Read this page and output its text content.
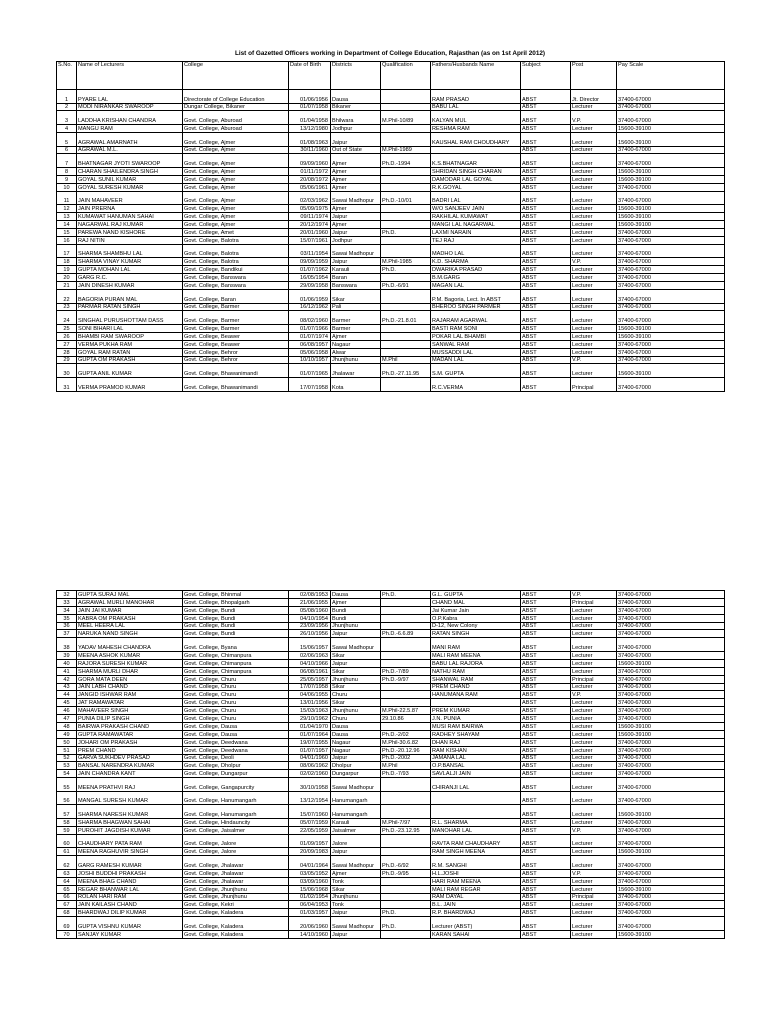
List of Gazetted Officers working in Department of College Education, Rajasthan (as on 1st April 2012)
S.No.	Name of Lecturers	College	Date of Birth	Districts	Qualification	Fathers/Husbands Name	Subject	Post	Pay Scale
1	PYARE LAL	Directorate of College Education	01/06/1956	Dausa		RAM PRASAD	ABST	Jt. Director	37400-67000
2	MODI NIRANKAR SWAROOP	Dungar College, Bikaner	01/07/1958	Bikaner		BABU LAL	ABST	Lecturer	37400-67000
3	LADDHA KRISHAN CHANDRA	Govt. College, Aburoad	01/04/1958	Bhilwara	M.Phil-10/89	KALYAN MUL	ABST	V.P.	37400-67000
4	MANGU RAM	Govt. College, Aburoad	13/12/1980	Jodhpur		RESHMA RAM	ABST	Lecturer	15600-39100
5	AGRAWAL AMARNATH	Govt. College, Ajmer	01/08/1963	Jaipur		KAUSHAL RAM CHOUDHARY	ABST	Lecturer	15600-39100
6	AGRAWAL M.L.	Govt. College, Ajmer	30/11/1960	Out of State	M.Phil-1989		ABST	Lecturer	37400-67000
7	BHATNAGAR JYOTI SWAROOP	Govt. College, Ajmer	09/09/1960	Ajmer	Ph.D.-1994	K.S.BHATNAGAR	ABST	Lecturer	37400-67000
8	CHARAN SHAILENDRA SINGH	Govt. College, Ajmer	01/11/1972	Ajmer		SHRIDAN SINGH CHARAN	ABST	Lecturer	15600-39100
9	GOYAL SUNIL KUMAR	Govt. College, Ajmer	20/08/1972	Ajmer		DAMODAR LAL GOYAL	ABST	Lecturer	15600-39100
10	GOYAL SURESH KUMAR	Govt. College, Ajmer	05/06/1961	Ajmer		R.K.GOYAL	ABST	Lecturer	37400-67000
11	JAIN MAHAVEER	Govt. College, Ajmer	02/03/1962	Sawai Madhopur	Ph.D.-10/01	BADRI LAL	ABST	Lecturer	37400-67000
12	JAIN PRERNA	Govt. College, Ajmer	05/09/1975	Ajmer		W/O SANJEEV JAIN	ABST	Lecturer	15600-39100
13	KUMAWAT HANUMAN SAHAI	Govt. College, Ajmer	09/11/1974	Jaipur		RAKHILAL KUMAWAT	ABST	Lecturer	15600-39100
14	NAGARWAL RAJ KUMAR	Govt. College, Ajmer	20/12/1974	Ajmer		MANGI LAL NAGARWAL	ABST	Lecturer	15600-39100
15	PAREWA NAND KISHORE	Govt. College, Amet	20/01/1960	Jaipur	Ph.D.	LAXMI NARAIN	ABST	Lecturer	37400-67000
16	RAJ NITIN	Govt. College, Balotra	15/07/1961	Jodhpur		TEJ RAJ	ABST	Lecturer	37400-67000
17	SHARMA SHAMBHU LAL	Govt. College, Balotra	03/11/1954	Sawai Madhopur		MADHO LAL	ABST	Lecturer	37400-67000
18	SHARMA VINAY KUMAR	Govt. College, Balotra	09/09/1959	Jaipur	M.Phil-1985	K.D. SHARMA	ABST	V.P.	37400-67000
19	GUPTA MOHAN LAL	Govt. College, Bandikui	01/07/1962	Karauli	Ph.D.	DWARIKA PRASAD	ABST	Lecturer	37400-67000
20	GARG R.C.	Govt. College, Banswara	16/05/1954	Baran		B.M.GARG	ABST	Lecturer	37400-67000
21	JAIN DINESH KUMAR	Govt. College, Banswara	29/09/1958	Banswara	Ph.D.-6/91	MAGAN LAL	ABST	Lecturer	37400-67000
22	BAGORIA PURAN MAL	Govt. College, Baran	01/06/1959	Sikar		P.M. Bagoria, Lect. In ABST	ABST	Lecturer	37400-67000
23	PARMAR RATAN SINGH	Govt. College, Barmer	16/12/1962	Pali		BHEROO SINGH PARMER	ABST	Lecturer	37400-67000
24	SINGHAL PURUSHOTTAM DASS	Govt. College, Barmer	08/02/1960	Barmer	Ph.D.-21.8.01	RAJARAM AGARWAL	ABST	Lecturer	37400-67000
25	SONI BIHARI LAL	Govt. College, Barmer	01/07/1966	Barmer		BASTI RAM SONI	ABST	Lecturer	15600-39100
26	BHAMBI RAM SWAROOP	Govt. College, Beawer	01/07/1974	Ajmer		POKAR LAL BHAMBI	ABST	Lecturer	15600-39100
27	VERMA PUKHA RAM	Govt. College, Beawer	06/08/1957	Nagaur		SANWAL RAM	ABST	Lecturer	37400-67000
28	GOYAL RAM RATAN	Govt. College, Behror	05/06/1958	Alwar		MUSSADDI LAL	ABST	Lecturer	37400-67000
29	GUPTA OM PRAKASH	Govt. College, Behror	10/10/1957	Jhunjhunu	M.Phil	MADAN LAL	ABST	V.P.	37400-67000
30	GUPTA ANIL KUMAR	Govt. College, Bhawanimandi	01/07/1965	Jhalawar	Ph.D.-27.11.95	S.M. GUPTA	ABST	Lecturer	15600-39100
31	VERMA PRAMOD KUMAR	Govt. College, Bhawanimandi	17/07/1958	Kota		R.C.VERMA	ABST	Principal	37400-67000
32	GUPTA SURAJ MAL	Govt. College, Bhinmal	02/08/1953	Dausa	Ph.D.	G.L. GUPTA	ABST	V.P.	37400-67000
33	AGRAWAL MURLI MANOHAR	Govt. College, Bhopalgarh	21/06/1955	Ajmer		CHAND MAL	ABST	Principal	37400-67000
34	JAIN JAI KUMAR	Govt. College, Bundi	05/08/1960	Bundi		Jai Kumar Jain	ABST	Lecturer	37400-67000
35	KABRA OM PRAKASH	Govt. College, Bundi	04/10/1954	Bundi		O.P.Kabra	ABST	Lecturer	37400-67000
36	MEEL HEERA LAL	Govt. College, Bundi	23/09/1956	Jhunjhunu		D-12, New Colony	ABST	Lecturer	37400-67000
37	NARUKA NAND SINGH	Govt. College, Bundi	26/10/1956	Jaipur	Ph.D.-6.6.89	RATAN SINGH	ABST	Lecturer	37400-67000
38	YADAV MAHESH CHANDRA	Govt. College, Byana	15/06/1957	Sawai Madhopur		MANI RAM	ABST	Lecturer	37400-67000
39	MEENA ASHOK KUMAR	Govt. College, Chimanpura	02/06/1963	Sikar		MALI RAM MEENA	ABST	Lecturer	37400-67000
40	RAJORA SURESH KUMAR	Govt. College, Chimanpura	04/10/1966	Jaipur		BABU LAL RAJORA	ABST	Lecturer	15600-39100
41	SHARMA MURLI DHAR	Govt. College, Chimanpura	06/08/1961	Sikar	Ph.D.-7/89	NATHU RAM	ABST	Lecturer	37400-67000
42	GORA MATA DEEN	Govt. College, Churu	25/05/1957	Jhunjhunu	Ph.D.-9/97	SHANWAL RAM	ABST	Principal	37400-67000
43	JAIN LABH CHAND	Govt. College, Churu	17/07/1958	Sikar		PREM CHAND	ABST	Lecturer	37400-67000
44	JANGID ISHWAR RAM	Govt. College, Churu	04/06/1955	Churu		HANUMANA RAM	ABST	V.P.	37400-67000
45	JAT RAMAWATAR	Govt. College, Churu	13/01/1956	Sikar			ABST	Lecturer	37400-67000
46	MAHAVEER SINGH	Govt. College, Churu	15/03/1963	Jhunjhunu	M.Phil-22.5.87	PREM KUMAR	ABST	Lecturer	37400-67000
47	PUNIA DILIP SINGH	Govt. College, Churu	29/10/1962	Churu	29.10.86	J.N. PUNIA	ABST	Lecturer	37400-67000
48	BAIRWA PRAKASH CHAND	Govt. College, Dausa	01/04/1970	Dausa		MUSI RAM BAIRWA	ABST	Lecturer	15600-39100
49	GUPTA RAMAWATAR	Govt. College, Dausa	01/07/1964	Dausa	Ph.D.-2/02	RADHEY SHAYAM	ABST	Lecturer	15600-39100
50	JOHARI OM PRAKASH	Govt. College, Deedwana	19/07/1955	Nagaur	M.Phil-30.6.82	DHAN RAJ	ABST	Lecturer	37400-67000
51	PREM CHAND	Govt. College, Deedwana	01/07/1957	Nagaur	Ph.D.-20.12.96	RAM KISHAN	ABST	Lecturer	37400-67000
52	GARVA SUKHDEV PRASAD	Govt. College, Deoli	04/01/1960	Jaipur	Ph.D.-2002	JAMANA LAL	ABST	Lecturer	37400-67000
53	BANSAL NARENDRA KUMAR	Govt. College, Dholpur	08/06/1962	Dholpur	M.Phil	O.P.BANSAL	ABST	Lecturer	37400-67000
54	JAIN CHANDRA KANT	Govt. College, Dungarpur	02/02/1960	Dungarpur	Ph.D.-7/93	SAVLALJI JAIN	ABST	Lecturer	37400-67000
55	MEENA PRATHVI RAJ	Govt. College, Gangapurcity	30/10/1958	Sawai Madhopur		CHIRANJI LAL	ABST	Lecturer	37400-67000
56	MANGAL SURESH KUMAR	Govt. College, Hanumangarh	13/12/1954	Hanumangarh			ABST	Lecturer	37400-67000
57	SHARMA NARESH KUMAR	Govt. College, Hanumangarh	15/07/1960	Hanumangarh			ABST	Lecturer	15600-39100
58	SHARMA BHAGWAN SAHAI	Govt. College, Hindauncity	05/07/1959	Karauli	M.Phil-7/97	R.L. SHARMA	ABST	Lecturer	37400-67000
59	PUROHIT JAGDISH KUMAR	Govt. College, Jaisalmer	22/05/1959	Jaisalmer	Ph.D.-23.12.95	MANOHAR LAL	ABST	V.P.	37400-67000
60	CHAUDHARY PATA RAM	Govt. College, Jalore	01/09/1957	Jalore		RAVTA RAM CHAUDHARY	ABST	Lecturer	37400-67000
61	MEENA RAGHUVIR SINGH	Govt. College, Jalore	20/09/1983	Jaipur		RAM SINGH MEENA	ABST	Lecturer	15600-39100
62	GARG RAMESH KUMAR	Govt. College, Jhalawar	04/01/1964	Sawai Madhopur	Ph.D.-6/92	R.M. SANGHI	ABST	Lecturer	37400-67000
63	JOSHI BUDDHI PRAKASH	Govt. College, Jhalawar	03/05/1952	Ajmer	Ph.D.-9/95	H.L.JOSHI	ABST	V.P.	37400-67000
64	MEENA BHAG CHAND	Govt. College, Jhalawar	03/09/1960	Tonk		HARI RAM MEENA	ABST	Lecturer	37400-67000
65	REGAR BHANWAR LAL	Govt. College, Jhunjhunu	15/06/1968	Sikar		MALI RAM REGAR	ABST	Lecturer	15600-39100
66	ROLAN HARI RAM	Govt. College, Jhunjhunu	01/02/1954	Jhunjhunu		RAM DAYAL	ABST	Principal	37400-67000
67	JAIN KAILASH CHAND	Govt. College, Kekri	06/04/1953	Tonk		B.L. JAIN	ABST	Lecturer	37400-67000
68	BHARDWAJ DILIP KUMAR	Govt. College, Kaladera	01/03/1957	Jaipur	Ph.D.	R.P. BHARDWAJ	ABST	Lecturer	37400-67000
69	GUPTA VISHNU KUMAR	Govt. College, Kaladera	20/06/1960	Sawai Madhopur	Ph.D.	Lecturer (ABST)	ABST	Lecturer	37400-67000
70	SANJAY KUMAR	Govt. College, Kaladera	14/10/1960	Jaipur		KARAN SAHAI	ABST	Lecturer	15600-39100
